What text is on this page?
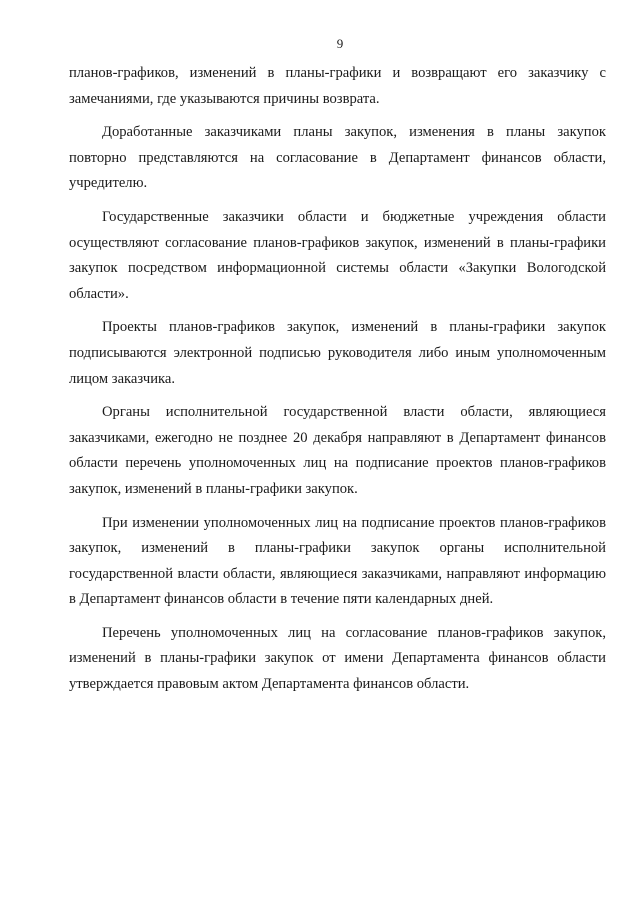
9

планов-графиков, изменений в планы-графики и возвращают его заказчику с замечаниями, где указываются причины возврата.

Доработанные заказчиками планы закупок, изменения в планы закупок повторно представляются на согласование в Департамент финансов области, учредителю.

Государственные заказчики области и бюджетные учреждения области осуществляют согласование планов-графиков закупок, изменений в планы-графики закупок посредством информационной системы области «Закупки Вологодской области».

Проекты планов-графиков закупок, изменений в планы-графики закупок подписываются электронной подписью руководителя либо иным уполномоченным лицом заказчика.

Органы исполнительной государственной власти области, являющиеся заказчиками, ежегодно не позднее 20 декабря направляют в Департамент финансов области перечень уполномоченных лиц на подписание проектов планов-графиков закупок, изменений в планы-графики закупок.

При изменении уполномоченных лиц на подписание проектов планов-графиков закупок, изменений в планы-графики закупок органы исполнительной государственной власти области, являющиеся заказчиками, направляют информацию в Департамент финансов области в течение пяти календарных дней.

Перечень уполномоченных лиц на согласование планов-графиков закупок, изменений в планы-графики закупок от имени Департамента финансов области утверждается правовым актом Департамента финансов области.
